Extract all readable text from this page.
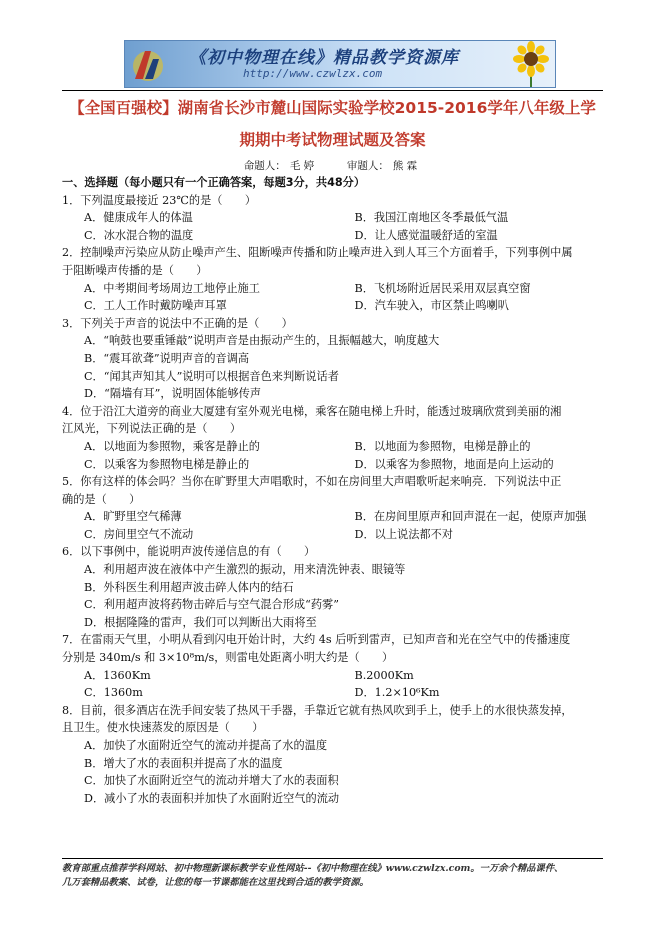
《初中物理在线》精品教学资源库
http://www.czwlzx.com
【全国百强校】湖南省长沙市麓山国际实验学校2015-2016学年八年级上学
期期中考试物理试题及答案
命题人： 毛 婷	审题人： 熊 霖
一、选择题（每小题只有一个正确答案，每题3分，共48分）
1．下列温度最接近 23℃的是（　　）
A．健康成年人的体温	B．我国江南地区冬季最低气温
C．冰水混合物的温度	D．让人感觉温暖舒适的室温
2．控制噪声污染应从防止噪声产生、阻断噪声传播和防止噪声进入到人耳三个方面着手，下列事例中属
于阻断噪声传播的是（　　）
A．中考期间考场周边工地停止施工	B．飞机场附近居民采用双层真空窗
C．工人工作时戴防噪声耳罩	D．汽车驶入，市区禁止鸣喇叭
3．下列关于声音的说法中不正确的是（　　）
A．“响鼓也要重锤敲”说明声音是由振动产生的，且振幅越大，响度越大
B．“震耳欲聋”说明声音的音调高
C．“闻其声知其人”说明可以根据音色来判断说话者
D．“隔墙有耳”，说明固体能够传声
4．位于沿江大道旁的商业大厦建有室外观光电梯，乘客在随电梯上升时，能透过玻璃欣赏到美丽的湘
江风光，下列说法正确的是（　　）
A．以地面为参照物，乘客是静止的	B．以地面为参照物，电梯是静止的
C．以乘客为参照物电梯是静止的	D．以乘客为参照物，地面是向上运动的
5．你有这样的体会吗？当你在旷野里大声唱歌时，不如在房间里大声唱歌听起来响亮．下列说法中正
确的是（　　）
A．旷野里空气稀薄	B．在房间里原声和回声混在一起，使原声加强
C．房间里空气不流动	D．以上说法都不对
6．以下事例中，能说明声波传递信息的有（　　）
A．利用超声波在液体中产生激烈的振动，用来清洗钟表、眼镜等
B．外科医生利用超声波击碎人体内的结石
C．利用超声波将药物击碎后与空气混合形成“药雾”
D．根据隆隆的雷声，我们可以判断出大雨将至
7．在雷雨天气里，小明从看到闪电开始计时，大约 4s 后听到雷声，已知声音和光在空气中的传播速度
分别是 340m/s 和 3×10⁸m/s，则雷电处距离小明大约是（　　）
A．1360Km	B.2000Km
C．1360m	D．1.2×10⁶Km
8．目前，很多酒店在洗手间安装了热风干手器，手靠近它就有热风吹到手上，使手上的水很快蒸发掉，
且卫生。使水快速蒸发的原因是（　　）
A．加快了水面附近空气的流动并提高了水的温度
B．增大了水的表面积并提高了水的温度
C．加快了水面附近空气的流动并增大了水的表面积
D．减小了水的表面积并加快了水面附近空气的流动
教育部重点推荐学科网站、初中物理新课标教学专业性网站--《初中物理在线》www.czwlzx.com。一万余个精品课件、
几万套精品教案、试卷，让您的每一节课都能在这里找到合适的教学资源。
